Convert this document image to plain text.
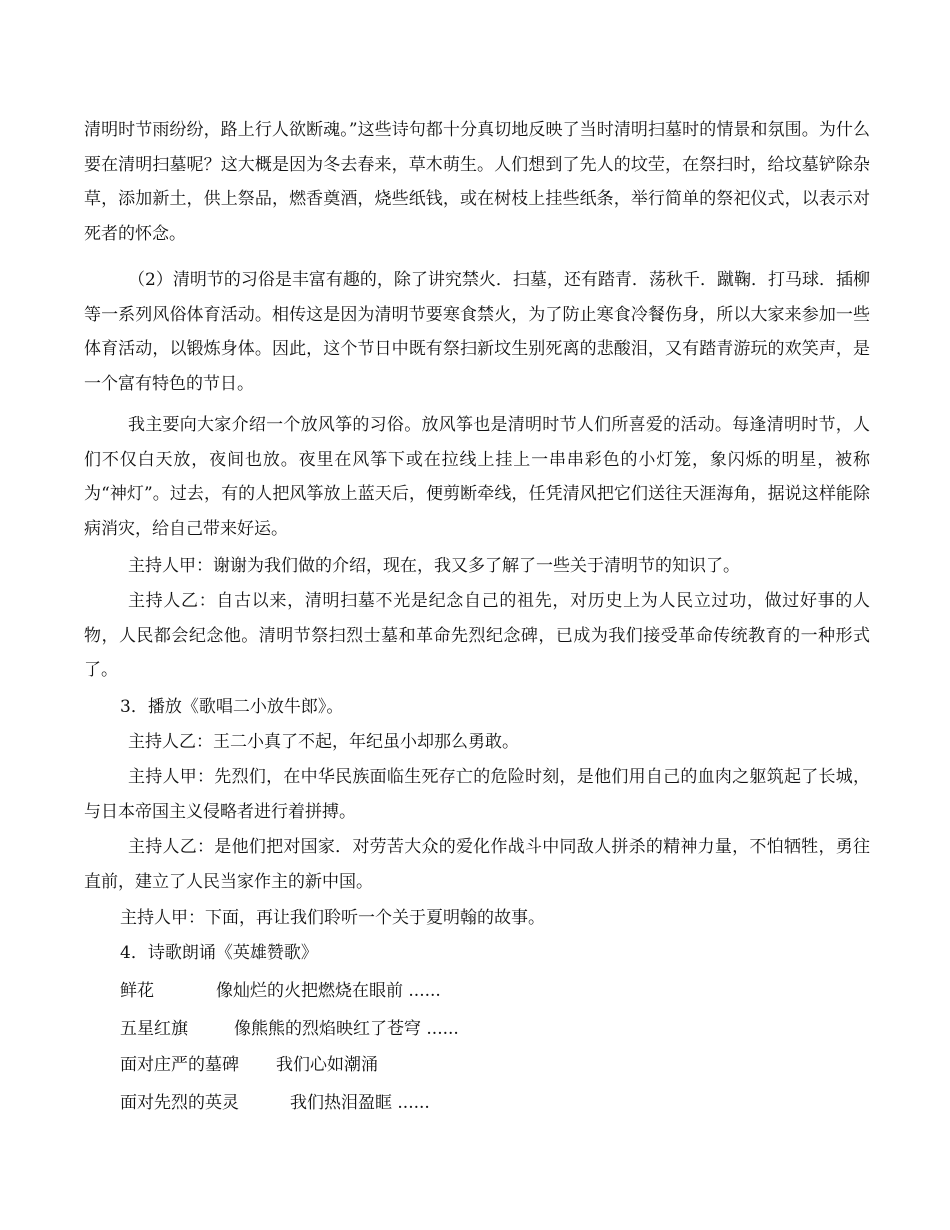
清明时节雨纷纷，路上行人欲断魂。”这些诗句都十分真切地反映了当时清明扫墓时的情景和氛围。为什么要在清明扫墓呢？这大概是因为冬去春来，草木萌生。人们想到了先人的坟茔，在祭扫时，给坟墓铲除杂草，添加新土，供上祭品，燃香奠酒，烧些纸钱，或在树枝上挂些纸条，举行简单的祭祀仪式，以表示对死者的怀念。

（2）清明节的习俗是丰富有趣的，除了讲究禁火．扫墓，还有踏青．荡秋千．蹴鞠．打马球．插柳等一系列风俗体育活动。相传这是因为清明节要寒食禁火，为了防止寒食冷餐伤身，所以大家来参加一些体育活动，以锻炼身体。因此，这个节日中既有祭扫新坟生别死离的悲酸泪，又有踏青游玩的欢笑声，是一个富有特色的节日。

我主要向大家介绍一个放风筝的习俗。放风筝也是清明时节人们所喜爱的活动。每逢清明时节，人们不仅白天放，夜间也放。夜里在风筝下或在拉线上挂上一串串彩色的小灯笼，象闪烁的明星，被称为“神灯”。过去，有的人把风筝放上蓝天后，便剪断牵线，任凭清风把它们送往天涯海角，据说这样能除病消灾，给自己带来好运。

主持人甲：谢谢为我们做的介绍，现在，我又多了解了一些关于清明节的知识了。

主持人乙：自古以来，清明扫墓不光是纪念自己的祖先，对历史上为人民立过功，做过好事的人物，人民都会纪念他。清明节祭扫烈士墓和革命先烈纪念碑，已成为我们接受革命传统教育的一种形式了。

3．播放《歌唱二小放牛郎》。

主持人乙：王二小真了不起，年纪虽小却那么勇敢。

主持人甲：先烈们，在中华民族面临生死存亡的危险时刻，是他们用自己的血肉之躯筑起了长城，与日本帝国主义侵略者进行着拼搏。

主持人乙：是他们把对国家．对劳苦大众的爱化作战斗中同敌人拼杀的精神力量，不怕牺牲，勇往直前，建立了人民当家作主的新中国。

主持人甲：下面，再让我们聆听一个关于夏明翰的故事。

4．诗歌朗诵《英雄赞歌》

鲜花	像灿烂的火把燃烧在眼前 ......
五星红旗	像熊熊的烈焰映红了苍穹 ......
面对庄严的墓碑 我们心如潮涌
面对先烈的英灵	我们热泪盈眶 ......
